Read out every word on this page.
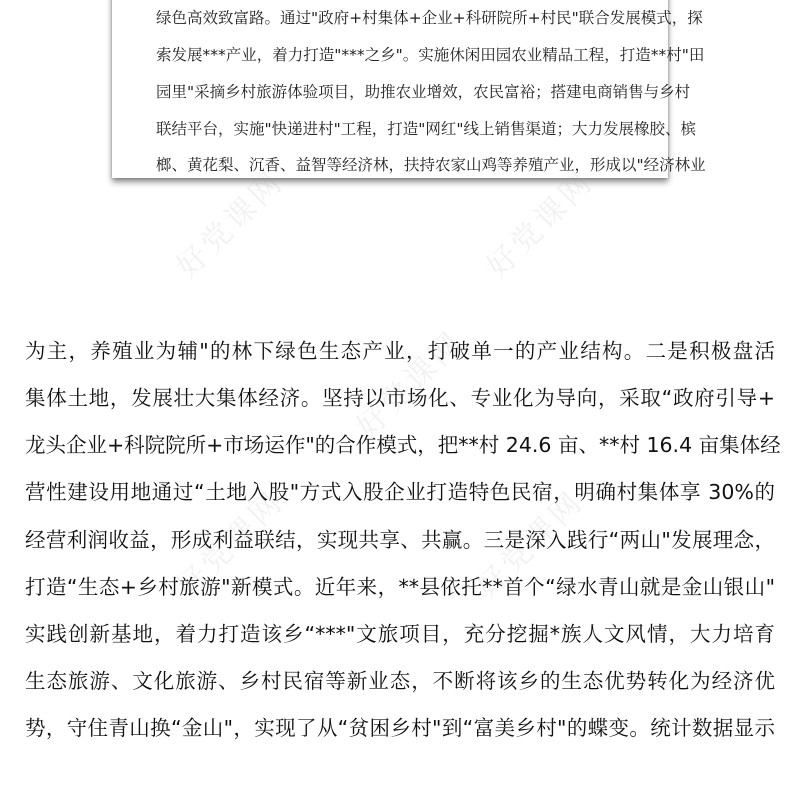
绿色高效致富路。通过"政府+村集体+企业+科研院所+村民"联合发展模式，探
索发展***产业，着力打造"***之乡"。实施休闲田园农业精品工程，打造**村"田
园里"采摘乡村旅游体验项目，助推农业增效，农民富裕；搭建电商销售与乡村
联结平台，实施"快递进村"工程，打造"网红"线上销售渠道；大力发展橡胶、槟
榔、黄花梨、沉香、益智等经济林，扶持农家山鸡等养殖产业，形成以"经济林业
为主，养殖业为辅"的林下绿色生态产业，打破单一的产业结构。二是积极盘活
集体土地，发展壮大集体经济。坚持以市场化、专业化为导向，采取“政府引导+
龙头企业+科院院所+市场运作"的合作模式，把**村 24.6 亩、**村 16.4 亩集体经
营性建设用地通过“土地入股"方式入股企业打造特色民宿，明确村集体享 30%的
经营利润收益，形成利益联结，实现共享、共赢。三是深入践行“两山"发展理念，
打造“生态+乡村旅游"新模式。近年来，**县依托**首个“绿水青山就是金山银山"
实践创新基地，着力打造该乡“***"文旅项目，充分挖掘*族人文风情，大力培育
生态旅游、文化旅游、乡村民宿等新业态，不断将该乡的生态优势转化为经济优
势，守住青山换“金山"，实现了从“贫困乡村"到“富美乡村"的蝶变。统计数据显示
好党课网	好党课网
好党课网
好党课网	好党课网
